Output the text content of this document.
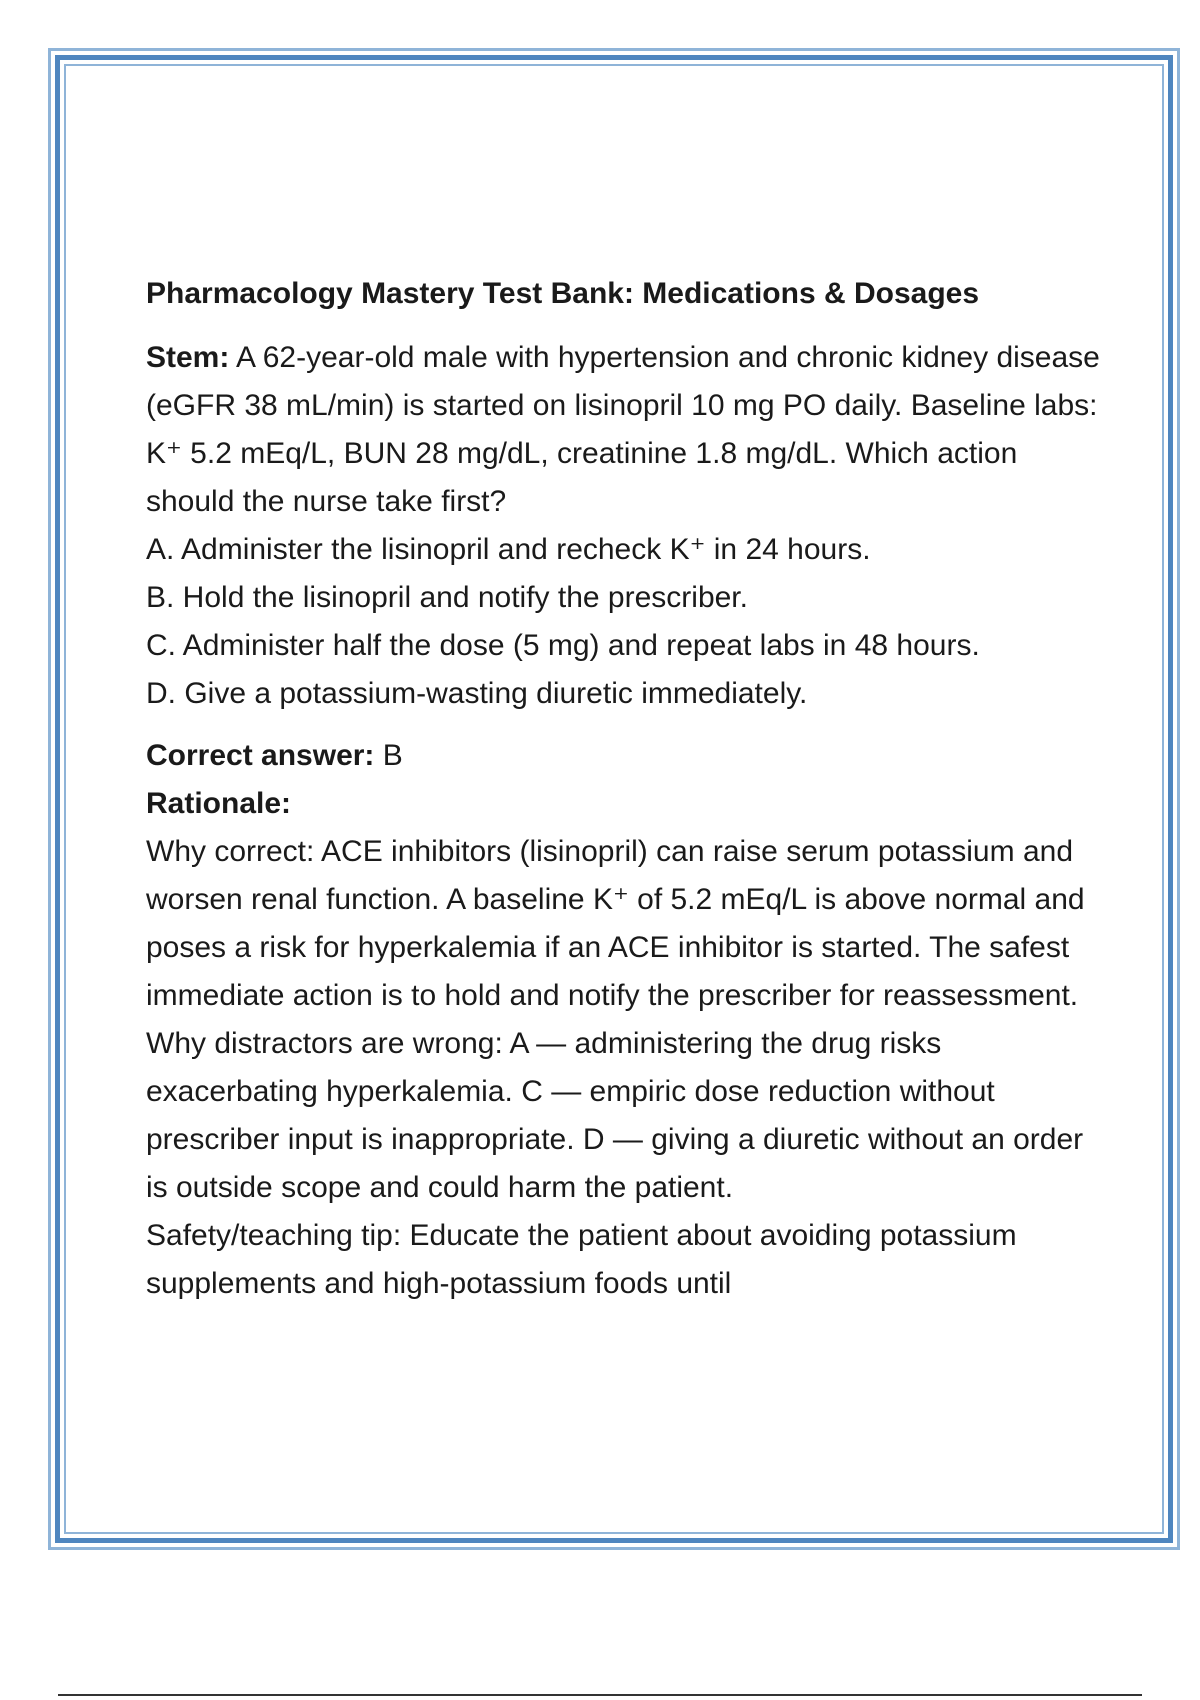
Pharmacology Mastery Test Bank: Medications & Dosages

Stem: A 62-year-old male with hypertension and chronic kidney disease (eGFR 38 mL/min) is started on lisinopril 10 mg PO daily. Baseline labs: K⁺ 5.2 mEq/L, BUN 28 mg/dL, creatinine 1.8 mg/dL. Which action should the nurse take first?

A. Administer the lisinopril and recheck K⁺ in 24 hours.

B. Hold the lisinopril and notify the prescriber.

C. Administer half the dose (5 mg) and repeat labs in 48 hours.

D. Give a potassium-wasting diuretic immediately.

Correct answer: B

Rationale:

Why correct: ACE inhibitors (lisinopril) can raise serum potassium and worsen renal function. A baseline K⁺ of 5.2 mEq/L is above normal and poses a risk for hyperkalemia if an ACE inhibitor is started. The safest immediate action is to hold and notify the prescriber for reassessment.

Why distractors are wrong: A — administering the drug risks exacerbating hyperkalemia. C — empiric dose reduction without prescriber input is inappropriate. D — giving a diuretic without an order is outside scope and could harm the patient.

Safety/teaching tip: Educate the patient about avoiding potassium supplements and high-potassium foods until
